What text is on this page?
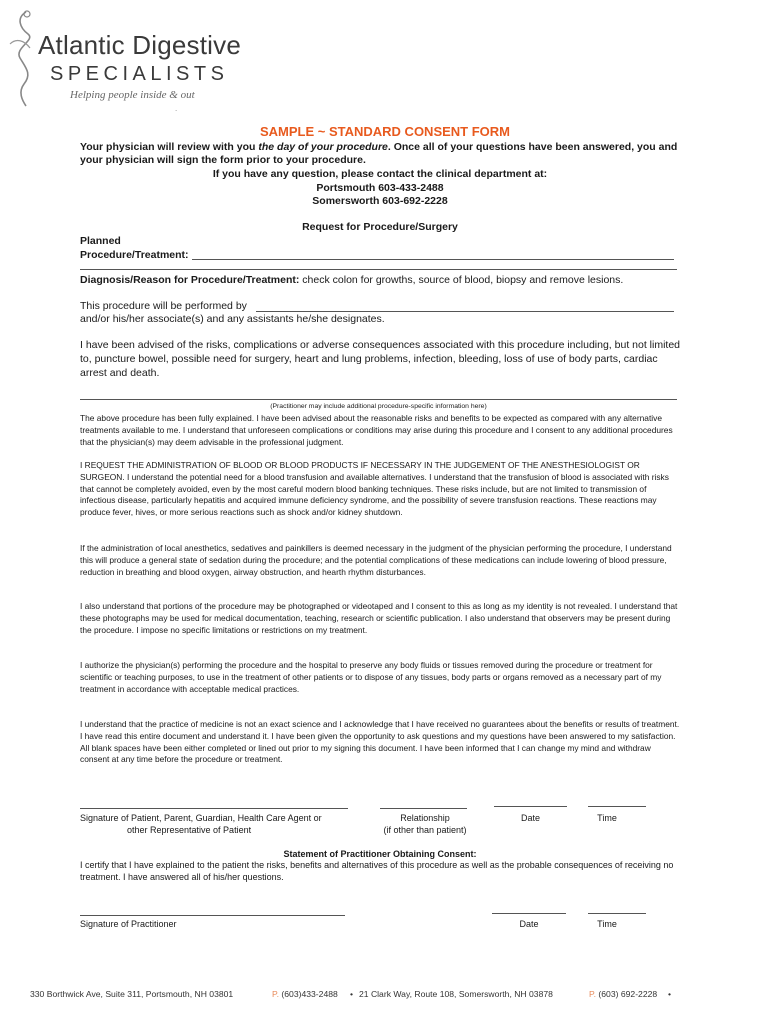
Atlantic Digestive
SPECIALISTS
Helping people inside & out
.
SAMPLE ~ STANDARD CONSENT FORM
Your physician will review with you the day of your procedure. Once all of your questions have been answered, you and your physician will sign the form prior to your procedure.
If you have any question, please contact the clinical department at:
Portsmouth 603-433-2488
Somersworth 603-692-2228
Request for Procedure/Surgery
Planned
Procedure/Treatment:
Diagnosis/Reason for Procedure/Treatment: check colon for growths, source of blood, biopsy and remove lesions.
This procedure will be performed by
and/or his/her associate(s) and any assistants he/she designates.
I have been advised of the risks, complications or adverse consequences associated with this procedure including, but not limited to, puncture bowel, possible need for surgery, heart and lung problems, infection, bleeding, loss of use of body parts, cardiac arrest and death.
(Practitioner may include additional procedure-specific information here)
The above procedure has been fully explained. I have been advised about the reasonable risks and benefits to be expected as compared with any alternative treatments available to me. I understand that unforeseen complications or conditions may arise during this procedure and I consent to any additional procedures that the physician(s) may deem advisable in the professional judgment.
I REQUEST THE ADMINISTRATION OF BLOOD OR BLOOD PRODUCTS IF NECESSARY IN THE JUDGEMENT OF THE ANESTHESIOLOGIST OR SURGEON. I understand the potential need for a blood transfusion and available alternatives. I understand that the transfusion of blood is associated with risks that cannot be completely avoided, even by the most careful modern blood banking techniques. These risks include, but are not limited to transmission of infectious disease, particularly hepatitis and acquired immune deficiency syndrome, and the possibility of severe transfusion reactions. These reactions may produce fever, hives, or more serious reactions such as shock and/or kidney shutdown.
If the administration of local anesthetics, sedatives and painkillers is deemed necessary in the judgment of the physician performing the procedure, I understand this will produce a general state of sedation during the procedure; and the potential complications of these medications can include lowering of blood pressure, reduction in breathing and blood oxygen, airway obstruction, and hearth rhythm disturbances.
I also understand that portions of the procedure may be photographed or videotaped and I consent to this as long as my identity is not revealed. I understand that these photographs may be used for medical documentation, teaching, research or scientific publication. I also understand that observers may be present during the procedure. I impose no specific limitations or restrictions on my treatment.
I authorize the physician(s) performing the procedure and the hospital to preserve any body fluids or tissues removed during the procedure or treatment for scientific or teaching purposes, to use in the treatment of other patients or to dispose of any tissues, body parts or organs removed as a necessary part of my treatment in accordance with acceptable medical practices.
I understand that the practice of medicine is not an exact science and I acknowledge that I have received no guarantees about the benefits or results of treatment. I have read this entire document and understand it. I have been given the opportunity to ask questions and my questions have been answered to my satisfaction. All blank spaces have been either completed or lined out prior to my signing this document. I have been informed that I can change my mind and withdraw consent at any time before the procedure or treatment.
Signature of Patient, Parent, Guardian, Health Care Agent or
other Representative of Patient
Relationship
(if other than patient)
Date	Time
Statement of Practitioner Obtaining Consent:
I certify that I have explained to the patient the risks, benefits and alternatives of this procedure as well as the probable consequences of receiving no treatment. I have answered all of his/her questions.
Signature of Practitioner	Date	Time
330 Borthwick Ave, Suite 311, Portsmouth, NH 03801	P. (603)433-2488 • 21 Clark Way, Route 108, Somersworth, NH 03878	P. (603) 692-2228 •
